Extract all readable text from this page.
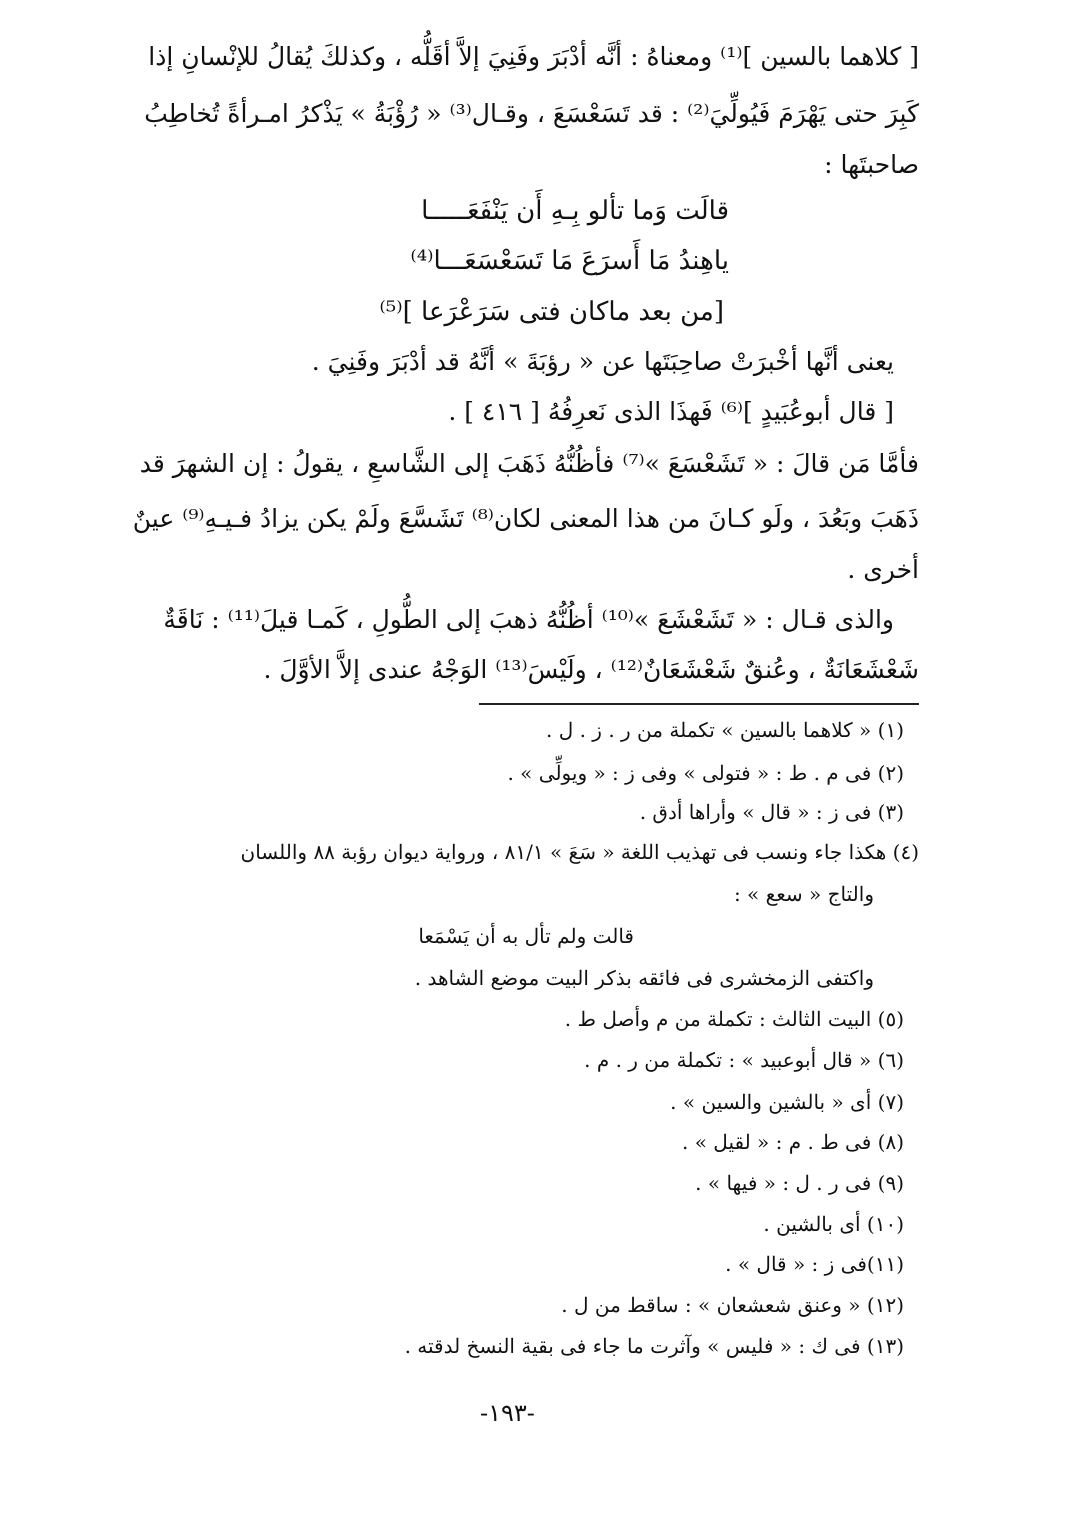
[ كلاهما بالسين ]⁽¹⁾ ومعناهُ : أنَّه أدْبَرَ وفَنِيَ إلاَّ أقَلُّه ، وكذلكَ يُقالُ للإنْسانِ إذا
كَبِرَ حتى يَهْرَمَ فَيُولِّيَ⁽²⁾ : قد تَسَعْسَعَ ، وقـال⁽³⁾ « رُؤْبَةُ » يَذْكرُ امـرأةً تُخاطِبُ
صاحبتَها :
قالَت وَما تألو بِـهِ أَن يَنْفَعَـــــا
ياهِندُ مَا أَسرَعَ مَا تَسَعْسَعَـــا⁽⁴⁾
[من بعد ماكان فتى سَرَعْرَعا ]⁽⁵⁾
يعنى أنَّها أخْبرَتْ صاحِبَتَها عن « رؤبَةَ » أنَّهُ قد أدْبَرَ وفَنِيَ .
[ قال أبوعُبَيدٍ ]⁽⁶⁾ فَهذَا الذى نَعرِفُهُ [ ٤١٦ ] .
فأمَّا مَن قالَ : « تَشَعْسَعَ »⁽⁷⁾ فأظُنُّهُ ذَهَبَ إلى الشَّاسعِ ، يقولُ : إن الشهرَ قد
ذَهَبَ وبَعُدَ ، ولَو كـانَ من هذا المعنى لكان⁽⁸⁾ تَشَسَّعَ ولَمْ يكن يزادُ فـيـهِ⁽⁹⁾ عينٌ
أخرى .
والذى قـال : « تَشَعْشَعَ »⁽¹⁰⁾ أظُنُّهُ ذهبَ إلى الطُّولِ ، كَمـا قيلَ⁽¹¹⁾ : نَاقَةٌ
شَعْشَعَانَةٌ ، وعُنقٌ شَعْشَعَانٌ⁽¹²⁾ ، ولَيْسَ⁽¹³⁾ الوَجْهُ عندى إلاَّ الأوَّلَ .
(١) « كلاهما بالسين » تكملة من ر . ز . ل .
(٢) فى م . ط : « فتولى » وفى ز : « ويولِّى » .
(٣) فى ز : « قال » وأراها أدق .
(٤) هكذا جاء ونسب فى تهذيب اللغة « سَعَ » ٨١/١ ، ورواية ديوان رؤبة ٨٨ واللسان
والتاج « سعع » :
قالت ولم تأل به أن يَسْمَعا
واكتفى الزمخشرى فى فائقه بذكر البيت موضع الشاهد .
(٥) البيت الثالث : تكملة من م وأصل ط .
(٦) « قال أبوعبيد » : تكملة من ر . م .
(٧) أى « بالشين والسين » .
(٨) فى ط . م : « لقيل » .
(٩) فى ر . ل : « فيها » .
(١٠) أى بالشين .
(١١)فى ز : « قال » .
(١٢) « وعنق شعشعان » : ساقط من ل .
(١٣) فى ك : « فليس » وآثرت ما جاء فى بقية النسخ لدقته .
-١٩٣-
